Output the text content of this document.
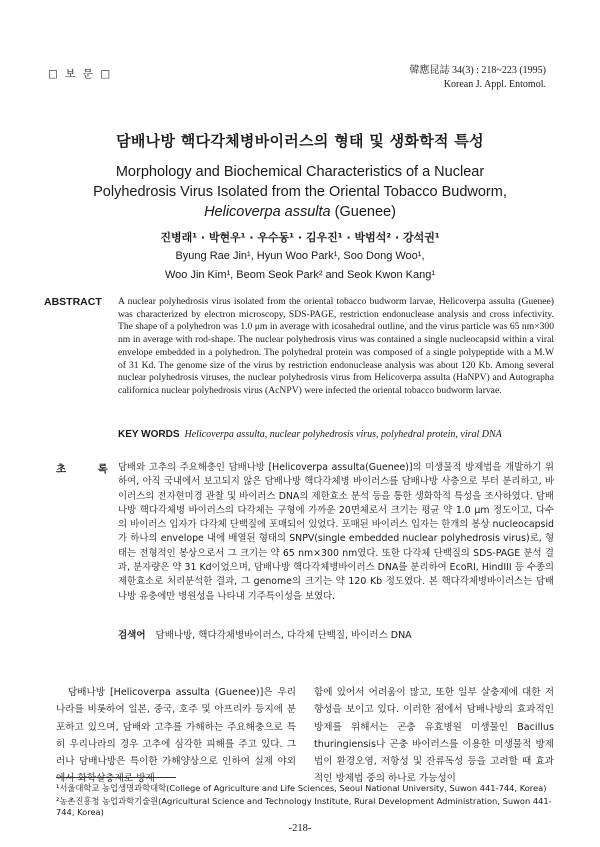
□ 보 문 □	韓應昆誌 34(3) : 218~223 (1995)
Korean J. Appl. Entomol.
담배나방 핵다각체병바이러스의 형태 및 생화학적 특성
Morphology and Biochemical Characteristics of a Nuclear
Polyhedrosis Virus Isolated from the Oriental Tobacco Budworm,
Helicoverpa assulta (Guenee)
진병래¹ · 박현우¹ · 우수동¹ · 김우진¹ · 박범석² · 강석권¹
Byung Rae Jin¹, Hyun Woo Park¹, Soo Dong Woo¹,
Woo Jin Kim¹, Beom Seok Park² and Seok Kwon Kang¹
ABSTRACT A nuclear polyhedrosis virus isolated from the oriental tobacco budworm larvae, Helicoverpa assulta (Guenee) was characterized by electron microscopy, SDS-PAGE, restriction endonuclease analysis and cross infectivity. The shape of a polyhedron was 1.0 μm in average with icosahedral outline, and the virus particle was 65 nm×300 nm in average with rod-shape. The nuclear polyhedrosis virus was contained a single nucleocapsid within a viral envelope embedded in a polyhedron. The polyhedral protein was composed of a single polypeptide with a M.W of 31 Kd. The genome size of the virus by restriction endonuclease analysis was about 120 Kb. Among several nuclear polyhedrosis viruses, the nuclear polyhedrosis virus from Helicoverpa assulta (HaNPV) and Autographa californica nuclear polyhedrosis virus (AcNPV) were infected the oriental tobacco budworm larvae.
KEY WORDS Helicoverpa assulta, nuclear polyhedrosis virus, polyhedral protein, viral DNA
초 록
담배와 고추의 주요해충인 담배나방 [Helicoverpa assulta(Guenee)]의 미생물적 방제법을 개발하기 위하여, 아직 국내에서 보고되지 않은 담배나방 핵다각체병 바이러스를 담배나방 사충으로 부터 분리하고, 바이러스의 전자현미경 관찰 및 바이러스 DNA의 제한효소 분석 등을 통한 생화학적 특성을 조사하였다. 담배나방 핵다각체병 바이러스의 다각체는 구형에 가까운 20면체로서 크기는 평균 약 1.0 μm 정도이고, 다수의 바이러스 입자가 다각체 단백질에 포매되어 있었다. 포매된 바이러스 입자는 한개의 봉상 nucleocapsid가 하나의 envelope 내에 배열된 형태의 SNPV(single embedded nuclear polyhedrosis virus)로, 형태는 전형적인 봉상으로서 그 크기는 약 65 nm×300 nm였다. 또한 다각체 단백질의 SDS-PAGE 분석 결과, 분자량은 약 31 Kd이었으며, 담배나방 핵다각체병바이러스 DNA를 분리하여 EcoRI, HindIII 등 수종의 제한효소로 처리분석한 결과, 그 genome의 크기는 약 120 Kb 정도였다. 본 핵다각체병바이러스는 담배나방 유충에만 병원성을 나타내 기주특이성을 보였다.
검색어 담배나방, 핵다각체병바이러스, 다각체 단백질, 바이러스 DNA
담배나방 [Helicoverpa assulta (Guenee)]은 우리나라를 비롯하여 일본, 중국, 호주 및 아프리카 등지에 분포하고 있으며, 담배와 고추를 가해하는 주요해충으로 특히 우리나라의 경우 고추에 심각한 피해를 주고 있다. 그러나 담배나방은 특이한 가해양상으로 인하여 실제 야외에서 화학살충제로 방제
함에 있어서 어려움이 많고, 또한 일부 살충제에 대한 저항성을 보이고 있다. 이러한 점에서 담배나방의 효과적인 방제를 위해서는 곤충 유효병원 미생물인 Bacillus thuringiensis나 곤충 바이러스를 이용한 미생물적 방제법이 환경오염, 저항성 및 잔류독성 등을 고려할 때 효과적인 방제법 중의 하나로 가능성이
¹서울대학교 농업생명과학대학(College of Agriculture and Life Sciences, Seoul National University, Suwon 441-744, Korea)
²농촌진흥청 농업과학기술원(Agricultural Science and Technology Institute, Rural Development Administration, Suwon 441-744, Korea)
-218-
